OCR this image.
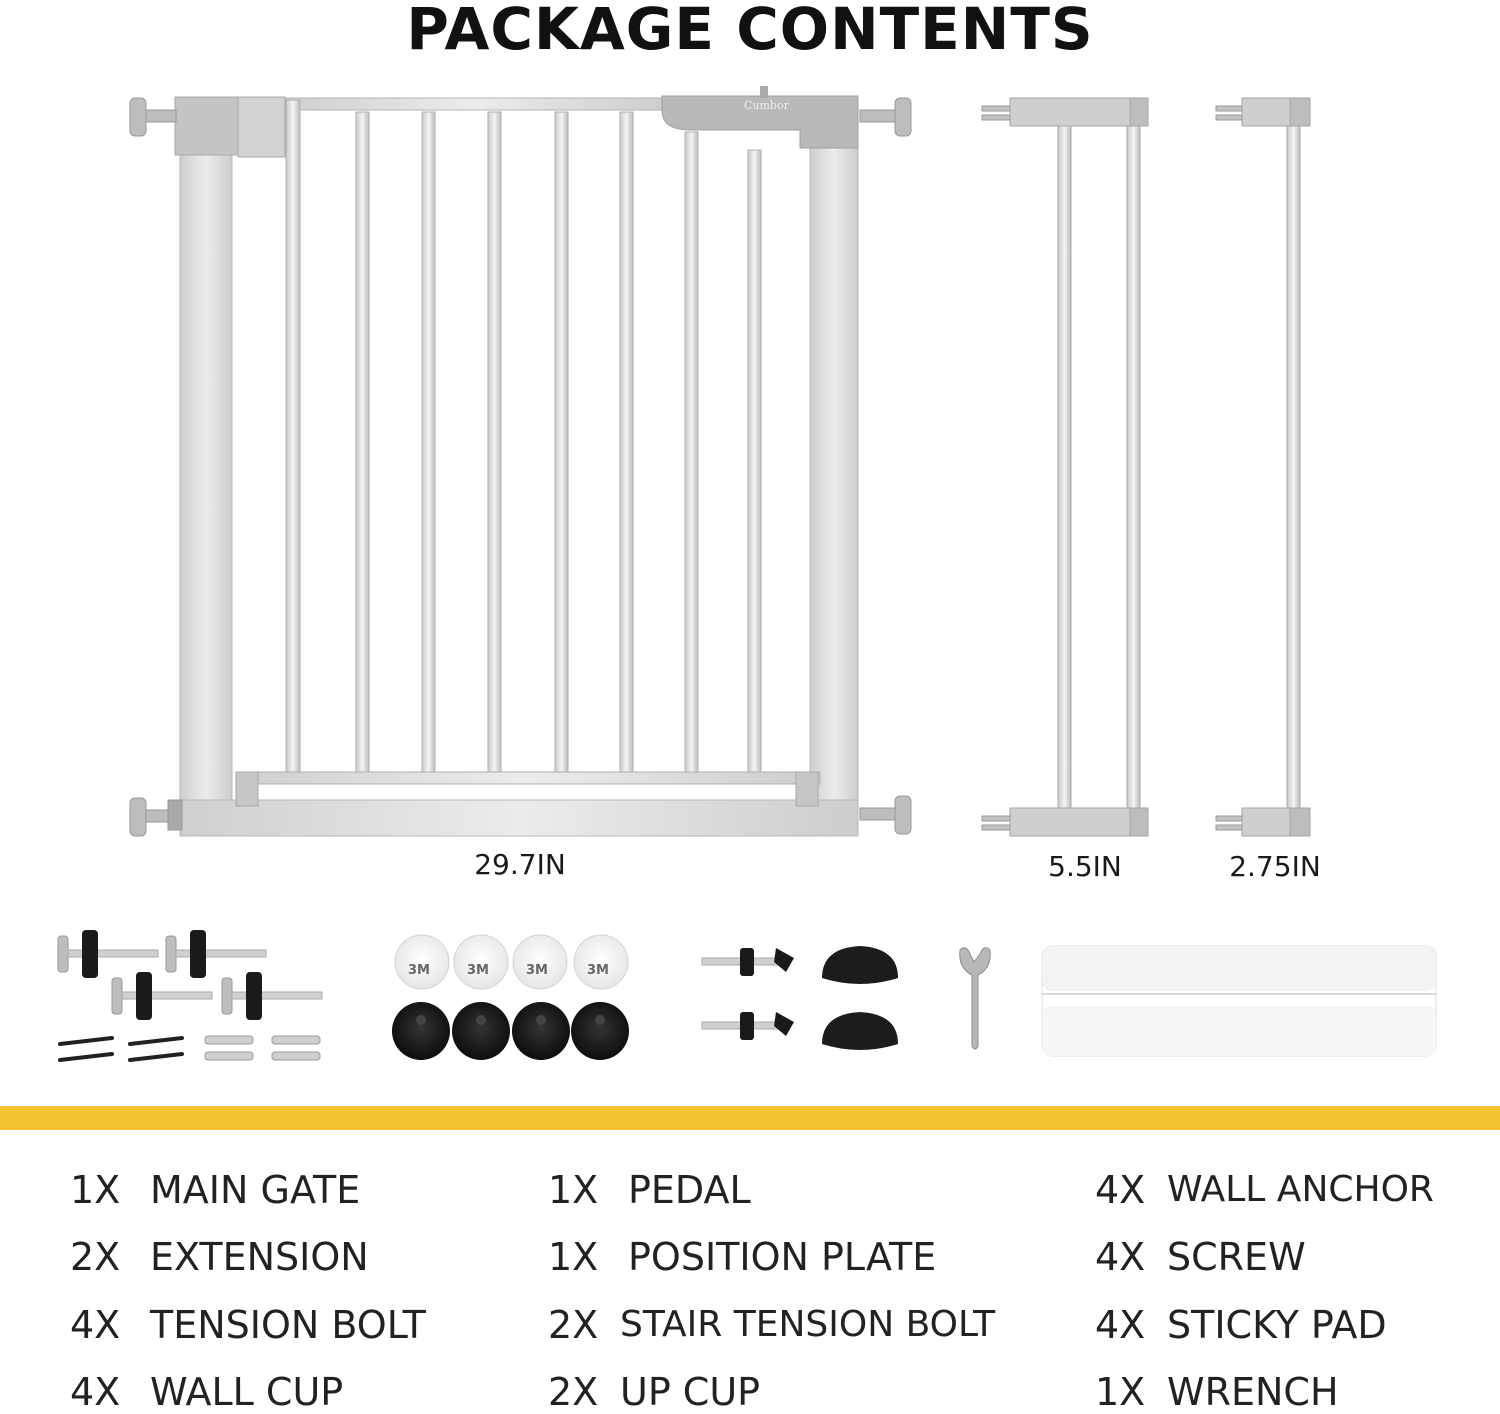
PACKAGE CONTENTS
Cumbor
3M	3M	3M	3M
29.7IN	5.5IN	2.75IN
1X MAIN GATE
2X EXTENSION
4X TENSION BOLT
4X WALL CUP
1X PEDAL
1X POSITION PLATE
2X STAIR TENSION BOLT
2X UP CUP
4X WALL ANCHOR
4X SCREW
4X STICKY PAD
1X WRENCH
